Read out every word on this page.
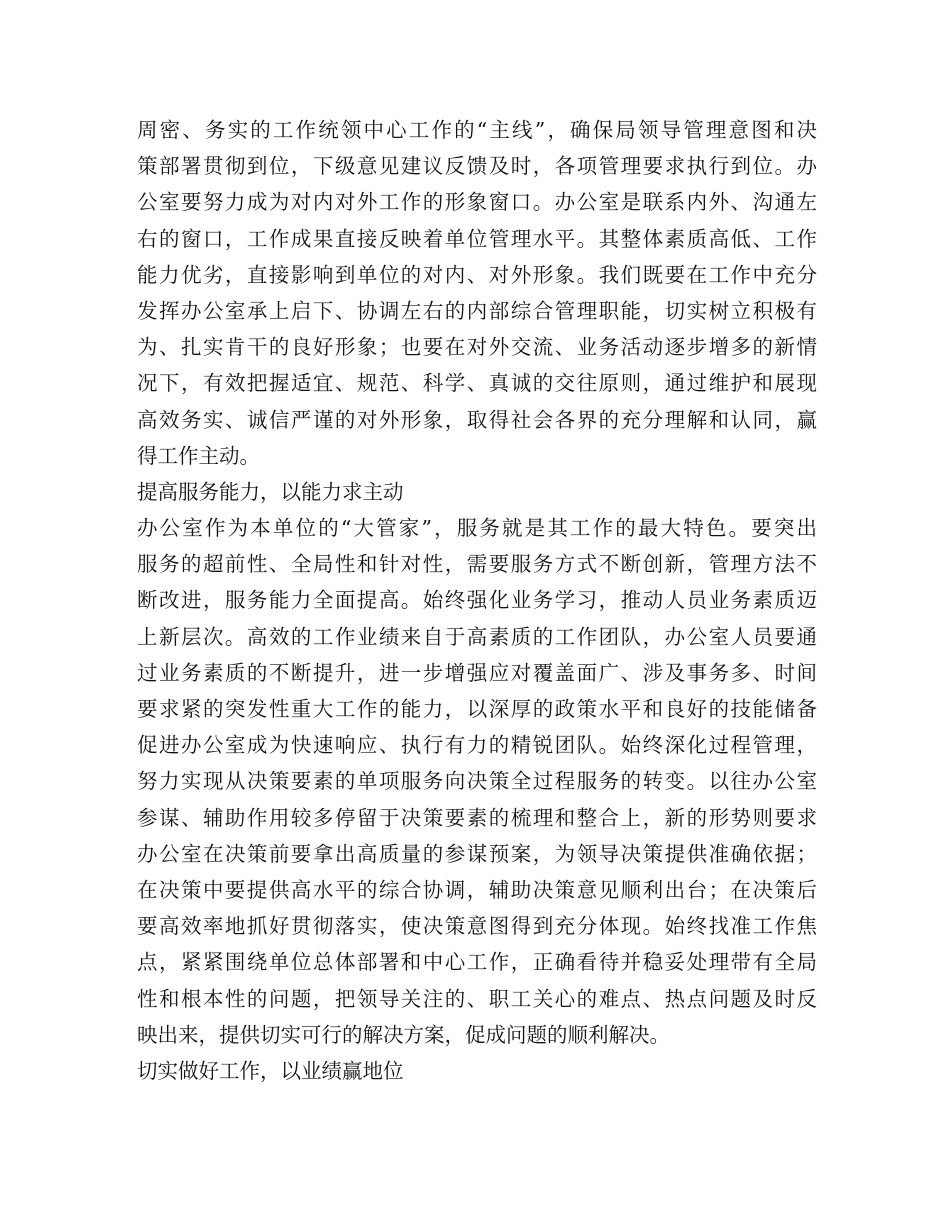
周密、务实的工作统领中心工作的“主线”，确保局领导管理意图和决
策部署贯彻到位，下级意见建议反馈及时，各项管理要求执行到位。办
公室要努力成为对内对外工作的形象窗口。办公室是联系内外、沟通左
右的窗口，工作成果直接反映着单位管理水平。其整体素质高低、工作
能力优劣，直接影响到单位的对内、对外形象。我们既要在工作中充分
发挥办公室承上启下、协调左右的内部综合管理职能，切实树立积极有
为、扎实肯干的良好形象；也要在对外交流、业务活动逐步增多的新情
况下，有效把握适宜、规范、科学、真诚的交往原则，通过维护和展现
高效务实、诚信严谨的对外形象，取得社会各界的充分理解和认同，赢
得工作主动。
提高服务能力，以能力求主动
办公室作为本单位的“大管家”，服务就是其工作的最大特色。要突出
服务的超前性、全局性和针对性，需要服务方式不断创新，管理方法不
断改进，服务能力全面提高。始终强化业务学习，推动人员业务素质迈
上新层次。高效的工作业绩来自于高素质的工作团队，办公室人员要通
过业务素质的不断提升，进一步增强应对覆盖面广、涉及事务多、时间
要求紧的突发性重大工作的能力，以深厚的政策水平和良好的技能储备
促进办公室成为快速响应、执行有力的精锐团队。始终深化过程管理，
努力实现从决策要素的单项服务向决策全过程服务的转变。以往办公室
参谋、辅助作用较多停留于决策要素的梳理和整合上，新的形势则要求
办公室在决策前要拿出高质量的参谋预案，为领导决策提供准确依据；
在决策中要提供高水平的综合协调，辅助决策意见顺利出台；在决策后
要高效率地抓好贯彻落实，使决策意图得到充分体现。始终找准工作焦
点，紧紧围绕单位总体部署和中心工作，正确看待并稳妥处理带有全局
性和根本性的问题，把领导关注的、职工关心的难点、热点问题及时反
映出来，提供切实可行的解决方案，促成问题的顺利解决。
切实做好工作，以业绩赢地位
